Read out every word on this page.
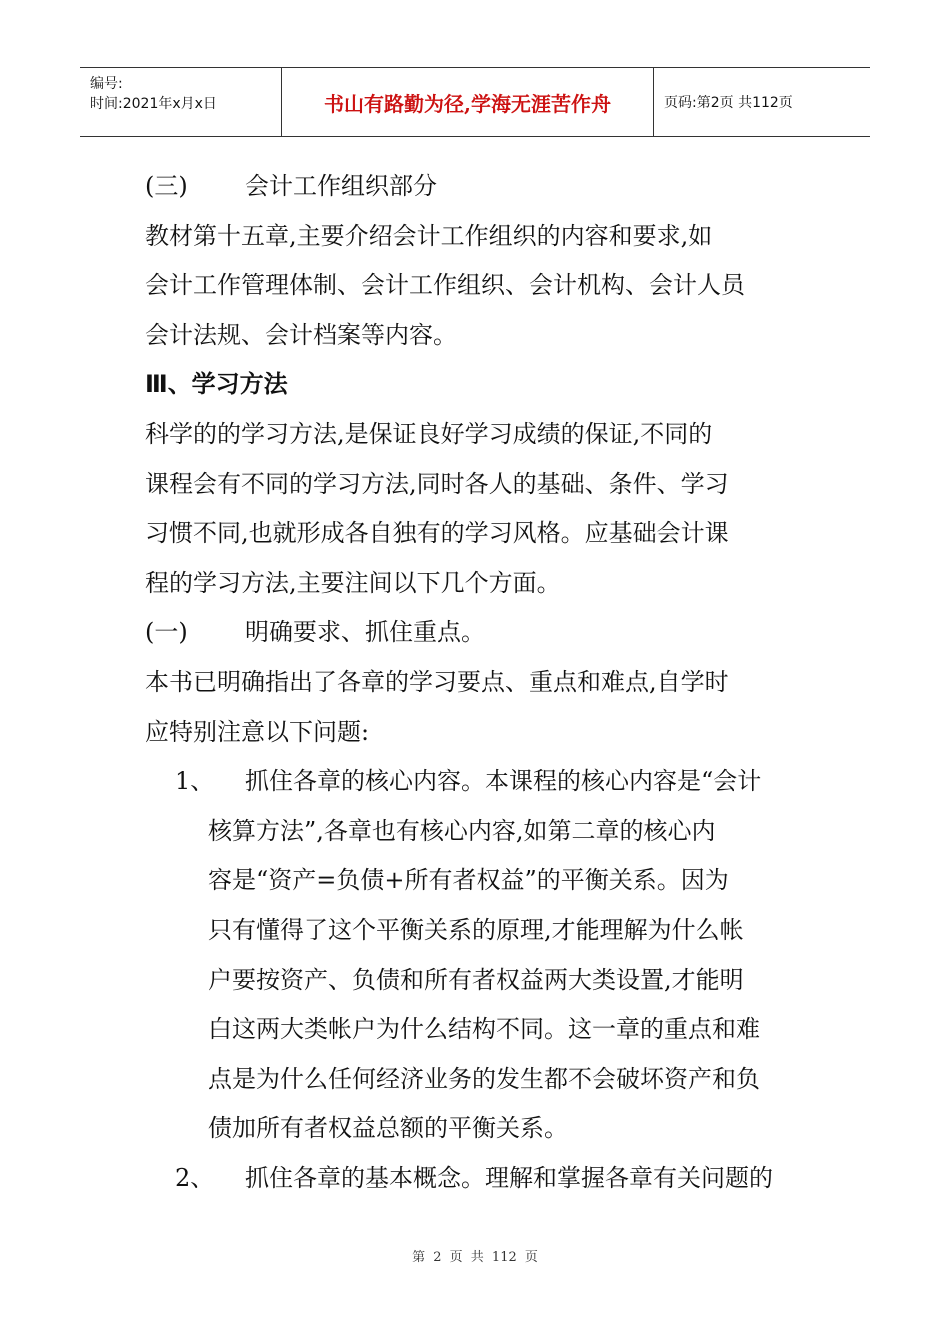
编号:
时间:2021年x月x日	书山有路勤为径,学海无涯苦作舟	页码:第2页 共112页
(三) 会计工作组织部分
教材第十五章,主要介绍会计工作组织的内容和要求,如
会计工作管理体制、会计工作组织、会计机构、会计人员
会计法规、会计档案等内容。
Ⅲ、学习方法
科学的的学习方法,是保证良好学习成绩的保证,不同的
课程会有不同的学习方法,同时各人的基础、条件、学习
习惯不同,也就形成各自独有的学习风格。应基础会计课
程的学习方法,主要注间以下几个方面。
(一) 明确要求、抓住重点。
本书已明确指出了各章的学习要点、重点和难点,自学时
应特别注意以下问题:
1、 抓住各章的核心内容。本课程的核心内容是“会计
核算方法”,各章也有核心内容,如第二章的核心内
容是“资产=负债+所有者权益”的平衡关系。因为
只有懂得了这个平衡关系的原理,才能理解为什么帐
户要按资产、负债和所有者权益两大类设置,才能明
白这两大类帐户为什么结构不同。这一章的重点和难
点是为什么任何经济业务的发生都不会破坏资产和负
债加所有者权益总额的平衡关系。
2、 抓住各章的基本概念。理解和掌握各章有关问题的
第 2 页 共 112 页
